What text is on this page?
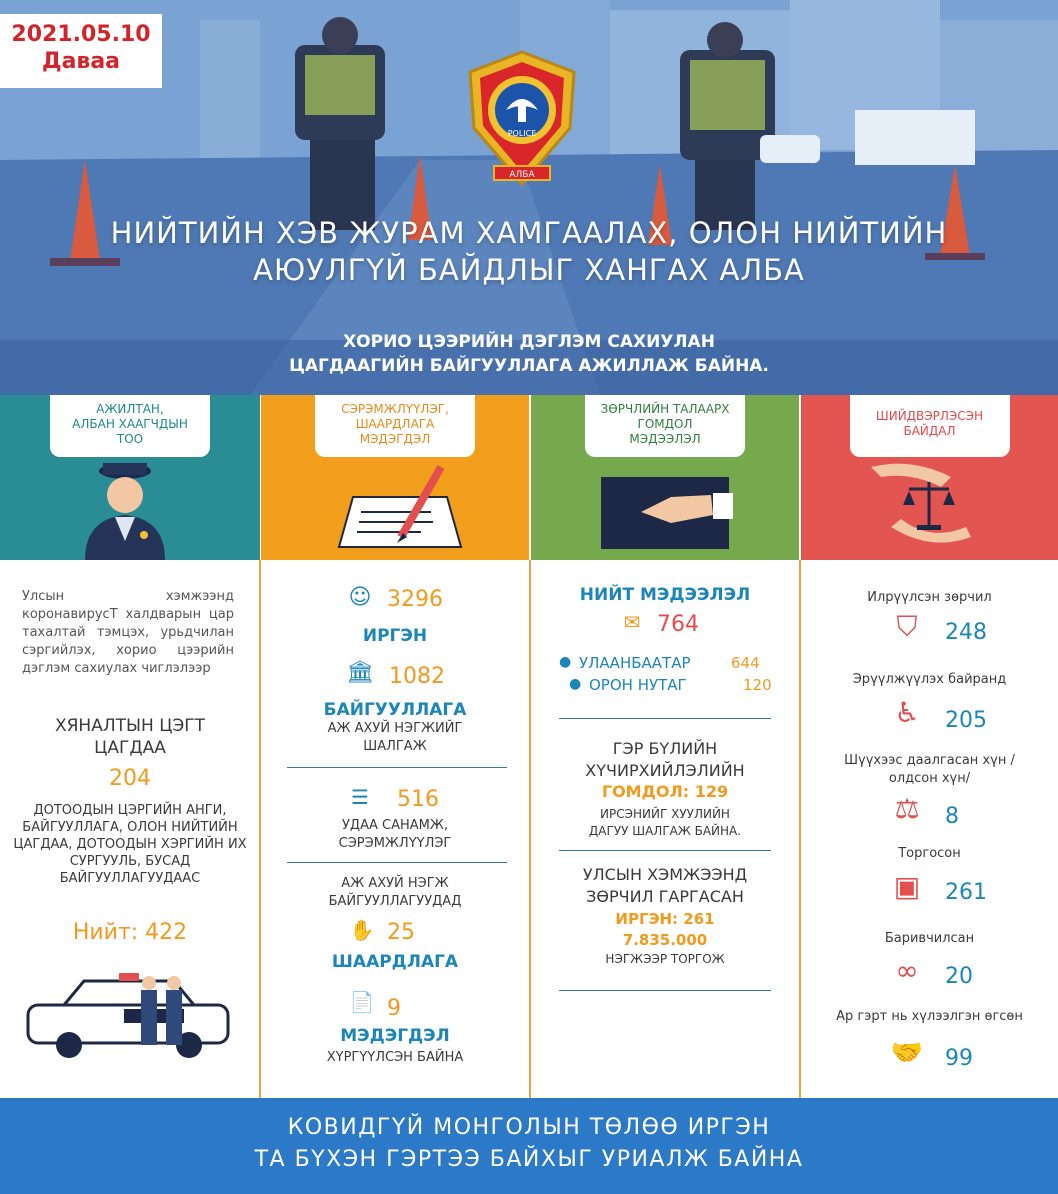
2021.05.10
Даваа
АЛБА
POLICE
НИЙТИЙН ХЭВ ЖУРАМ ХАМГААЛАХ, ОЛОН НИЙТИЙН
АЮУЛГҮЙ БАЙДЛЫГ ХАНГАХ АЛБА
ХОРИО ЦЭЭРИЙН ДЭГЛЭМ САХИУЛАН
ЦАГДААГИЙН БАЙГУУЛЛАГА АЖИЛЛАЖ БАЙНА.
АЖИЛТАН,
АЛБАН ХААГЧДЫН
ТОО
Улсын хэмжээнд коронавирусТ халдварын цар тахалтай тэмцэх, урьдчилан сэргийлэх, хорио цээрийн дэглэм сахиулах чиглэлээр
ХЯНАЛТЫН ЦЭГТ
ЦАГДАА
204
ДОТООДЫН ЦЭРГИЙН АНГИ, БАЙГУУЛЛАГА, ОЛОН НИЙТИЙН ЦАГДАА, ДОТООДЫН ХЭРГИЙН ИХ СУРГУУЛЬ, БУСАД БАЙГУУЛЛАГУУДААС
Нийт: 422
СЭРЭМЖЛҮҮЛЭГ,
ШААРДЛАГА
МЭДЭГДЭЛ
☺ 3296
ИРГЭН
🏛 1082
БАЙГУУЛЛАГА
АЖ АХУЙ НЭГЖИЙГ
ШАЛГАЖ
☰ 516
УДАА САНАМЖ,
СЭРЭМЖЛҮҮЛЭГ
АЖ АХУЙ НЭГЖ
БАЙГУУЛЛАГУУДАД
✋ 25
ШААРДЛАГА
📄 9
МЭДЭГДЭЛ
ХҮРГҮҮЛСЭН БАЙНА
ЗӨРЧЛИЙН ТАЛААРХ
ГОМДОЛ
МЭДЭЭЛЭЛ
НИЙТ МЭДЭЭЛЭЛ
✉ 764
● УЛААНБААТАР	644
● ОРОН НУТАГ	120
ГЭР БҮЛИЙН
ХҮЧИРХИЙЛЭЛИЙН
ГОМДОЛ: 129
ИРСЭНИЙГ ХУУЛИЙН
ДАГУУ ШАЛГАЖ БАЙНА.
УЛСЫН ХЭМЖЭЭНД
ЗӨРЧИЛ ГАРГАСАН
ИРГЭН: 261
7.835.000
НЭГЖЭЭР ТОРГОЖ
ШИЙДВЭРЛЭСЭН
БАЙДАЛ
Илрүүлсэн зөрчил
⛉	248
Эрүүлжүүлэх байранд
♿	205
Шүүхээс даалгасан хүн /олдсон хүн/
⚖	8
Торгосон
▣	261
Баривчилсан
∞	20
Ар гэрт нь хүлээлгэн өгсөн
🤝 99
КОВИДГҮЙ МОНГОЛЫН ТӨЛӨӨ ИРГЭН
ТА БҮХЭН ГЭРТЭЭ БАЙХЫГ УРИАЛЖ БАЙНА
